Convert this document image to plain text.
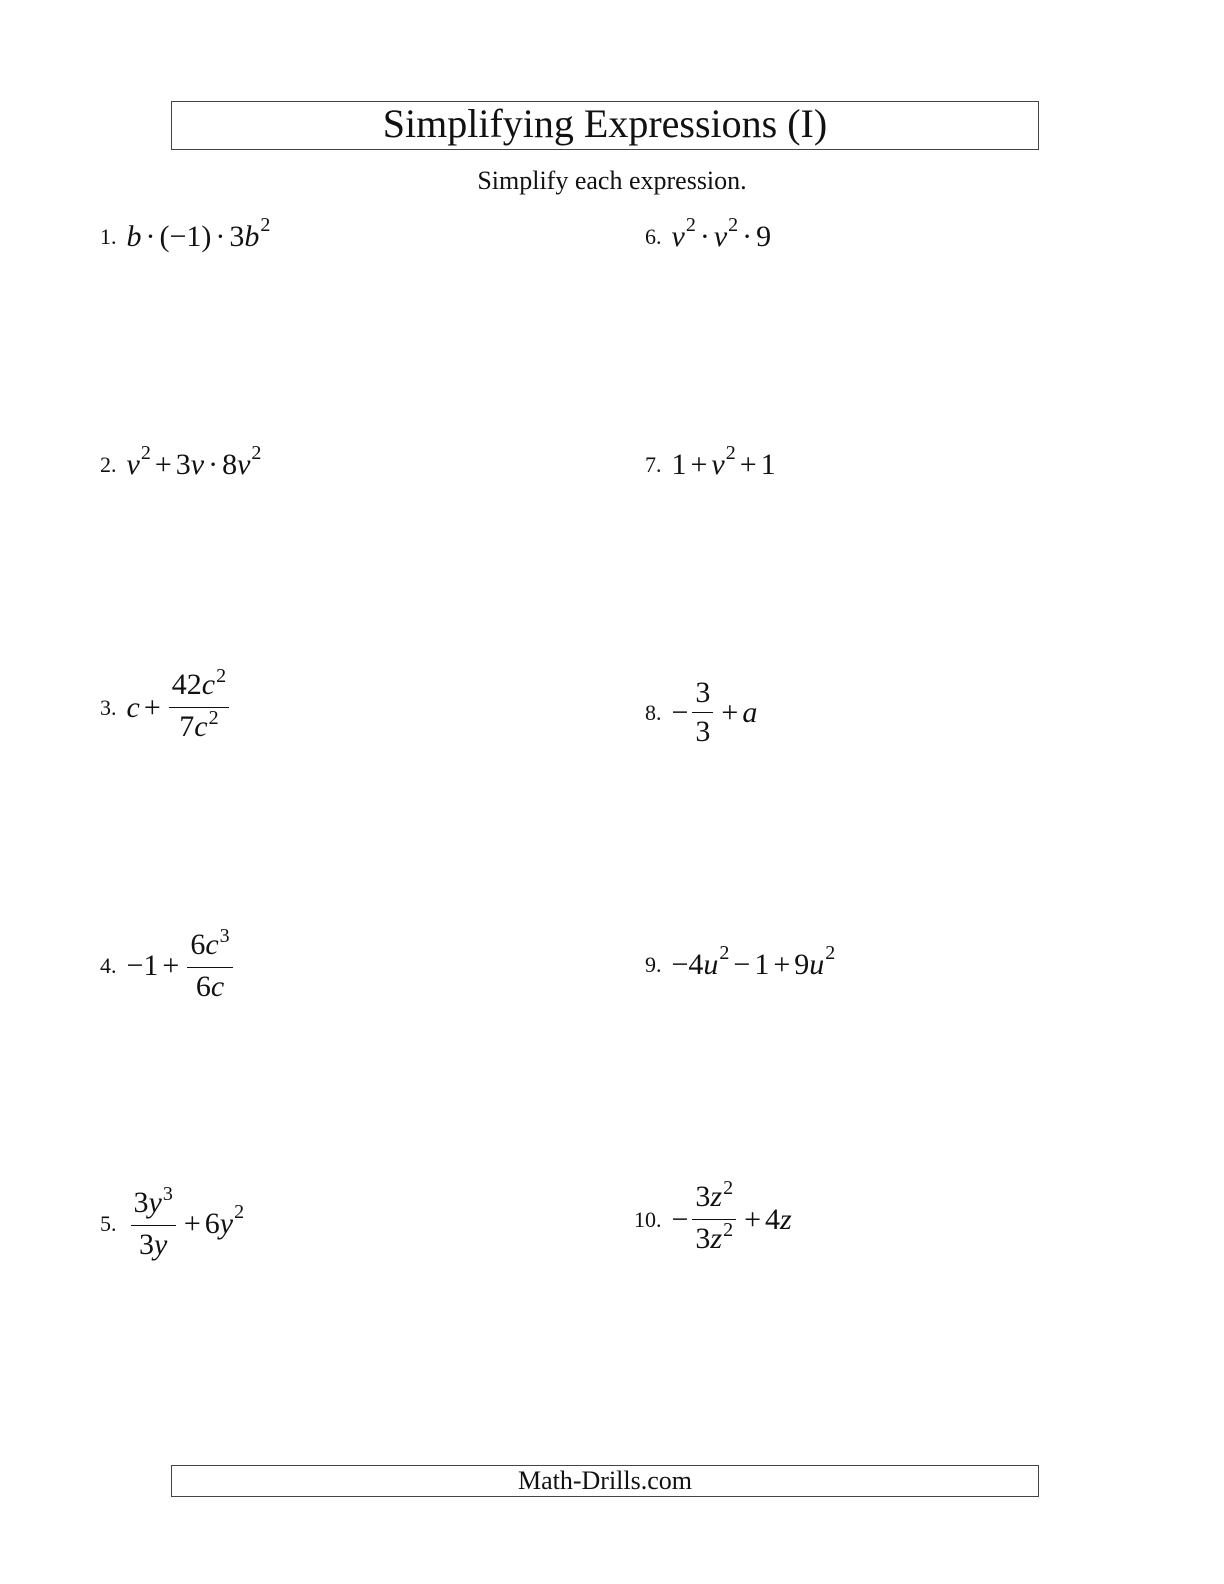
Simplifying Expressions (I)
Simplify each expression.
1. b · (−1) · 3 $b^2$
2. $v^2 + 3$ v · 8 $v^2$
3. $c + \frac{42c^2}{7c^2}$
4. $-1 + \frac{6c^3}{6c}$
5. $\frac{3y^3}{3y} + 6$ $y^2$
6. $v^2 \cdot v^2 \cdot 9$
7. $1 + v^2 + 1$
8. − $\frac{3}{3} + a$
9. −4 $u^2 - 1 + 9$ $u^2$
10. − $\frac{3z^2}{3z^2} + 4$ z
Math-Drills.com
